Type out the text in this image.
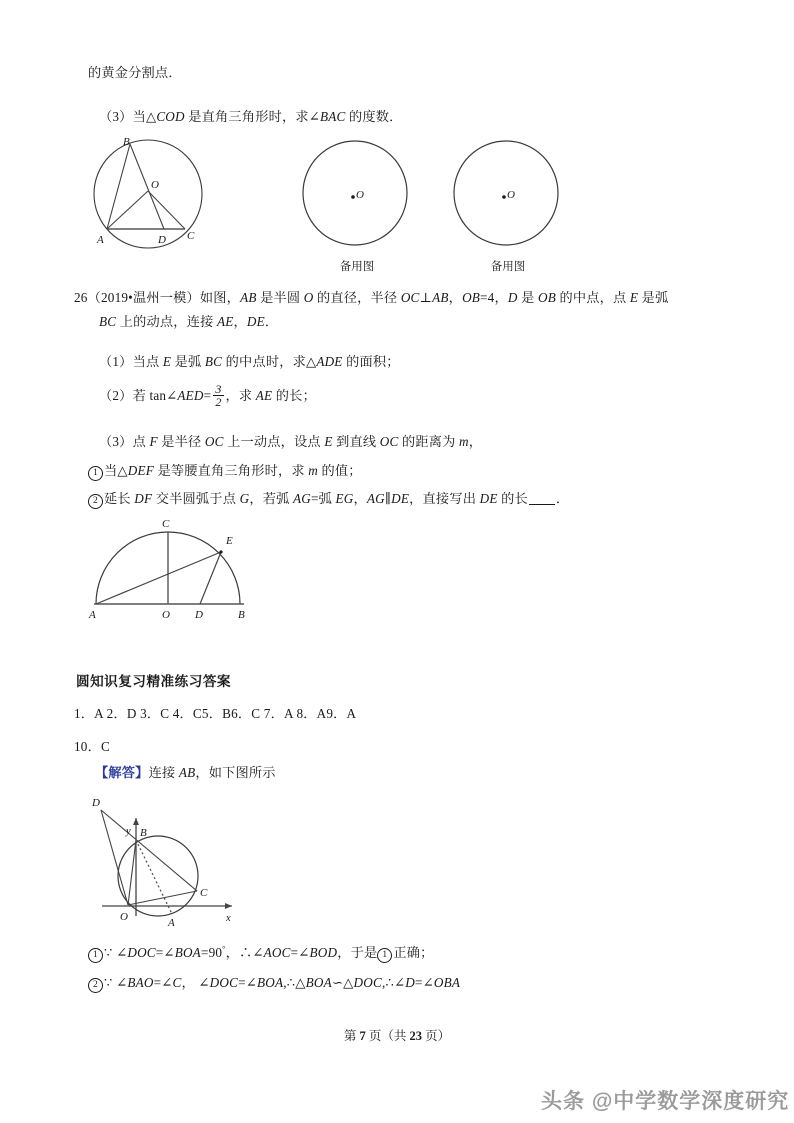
的黄金分割点．
（3）当△COD 是直角三角形时，求∠BAC 的度数．
B
O
A	D C
O
备用图
O
备用图
26（2019•温州一模）如图，AB 是半圆 O 的直径，半径 OC⊥AB，OB=4，D 是 OB 的中点，点 E 是弧
BC 上的动点，连接 AE，DE．
（1）当点 E 是弧 BC 的中点时，求△ADE 的面积；
（2）若 tan∠AED= $\frac{3}{2}$ ，求 AE 的长；
（3）点 F 是半径 OC 上一动点，设点 E 到直线 OC 的距离为 m，
1 当△DEF 是等腰直角三角形时，求 m 的值；
2 延长 DF 交半圆弧于点 G，若弧 AG=弧 EG，AG∥DE，直接写出 DE 的长 ．
C
E
A	O D	B
圆知识复习精准练习答案
1．A 2．D 3．C 4．C5．B6．C 7．A 8．A9．A
10．C
【解答】连接 AB，如下图所示
D
y B
C
O	A	x
1 ∵ ∠DOC=∠BOA=90°，∴∠AOC=∠BOD，于是 1 正确；
2 ∵ ∠BAO=∠C， ∠DOC=∠BOA,∴△BOA∽△DOC,∴∠D=∠OBA
第 7 页（共 23 页）
头条 @中学数学深度研究
